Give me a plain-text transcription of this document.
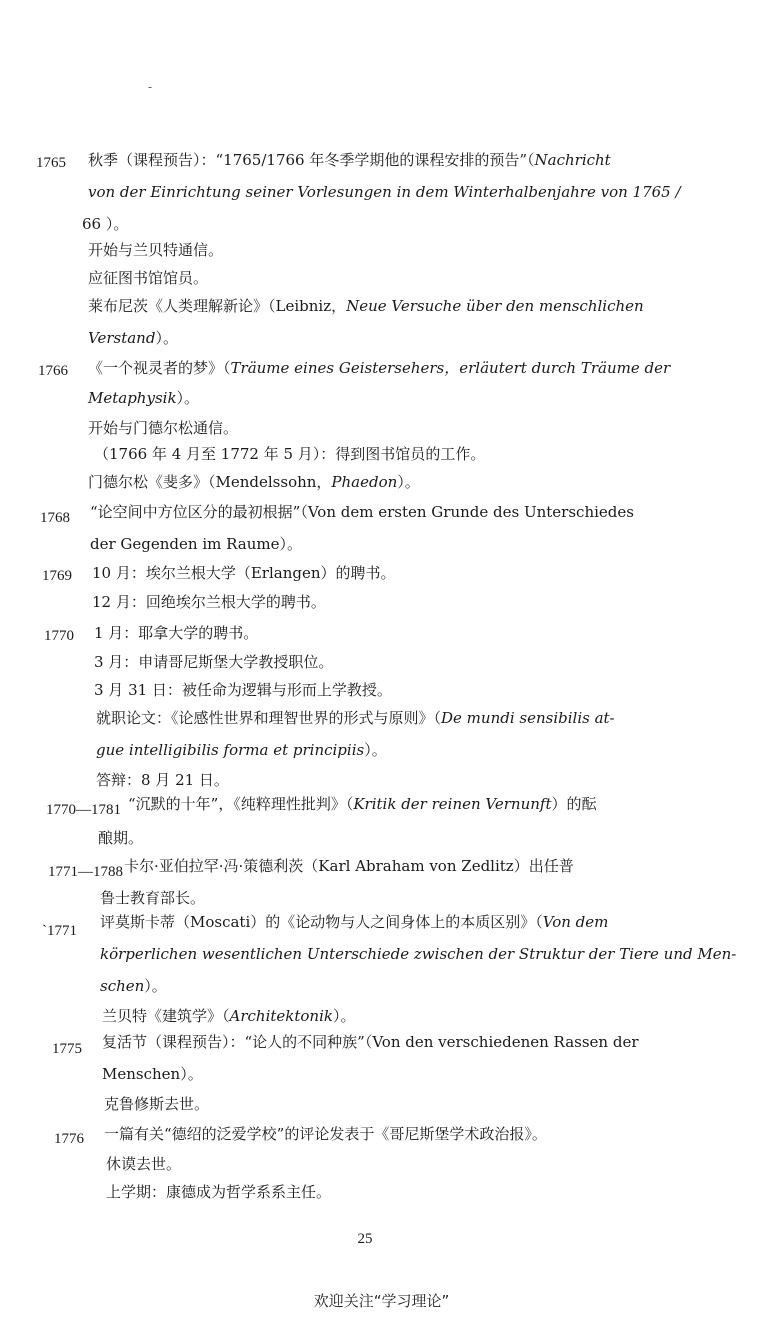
-
1765 秋季（课程预告）：“1765/1766 年冬季学期他的课程安排的预告”（Nachricht
von der Einrichtung seiner Vorlesungen in dem Winterhalbenjahre von 1765 /
66 ）。
开始与兰贝特通信。
应征图书馆馆员。
莱布尼茨《人类理解新论》（Leibniz，Neue Versuche über den menschlichen
Verstand）。
1766 《一个视灵者的梦》（Träume eines Geistersehers，erläutert durch Träume der
Metaphysik）。
开始与门德尔松通信。
（1766 年 4 月至 1772 年 5 月）：得到图书馆员的工作。
门德尔松《斐多》（Mendelssohn，Phaedon）。
1768 “论空间中方位区分的最初根据”（Von dem ersten Grunde des Unterschiedes
der Gegenden im Raume）。
1769 10 月：埃尔兰根大学（Erlangen）的聘书。
12 月：回绝埃尔兰根大学的聘书。
1770 1 月：耶拿大学的聘书。
3 月：申请哥尼斯堡大学教授职位。
3 月 31 日：被任命为逻辑与形而上学教授。
就职论文：《论感性世界和理智世界的形式与原则》（De mundi sensibilis at-
gue intelligibilis forma et principiis）。
答辩：8 月 21 日。
1770—1781 “沉默的十年”，《纯粹理性批判》（Kritik der reinen Vernunft）的酝
酿期。
1771—1788 卡尔·亚伯拉罕·冯·策德利茨（Karl Abraham von Zedlitz）出任普
鲁士教育部长。
`1771 评莫斯卡蒂（Moscati）的《论动物与人之间身体上的本质区别》（Von dem
körperlichen wesentlichen Unterschiede zwischen der Struktur der Tiere und Men-
schen）。
兰贝特《建筑学》（Architektonik）。
1775 复活节（课程预告）：“论人的不同种族”（Von den verschiedenen Rassen der
Menschen）。
克鲁修斯去世。
1776 一篇有关“德绍的泛爱学校”的评论发表于《哥尼斯堡学术政治报》。
休谟去世。
上学期：康德成为哲学系系主任。
25
欢迎关注“学习理论”
